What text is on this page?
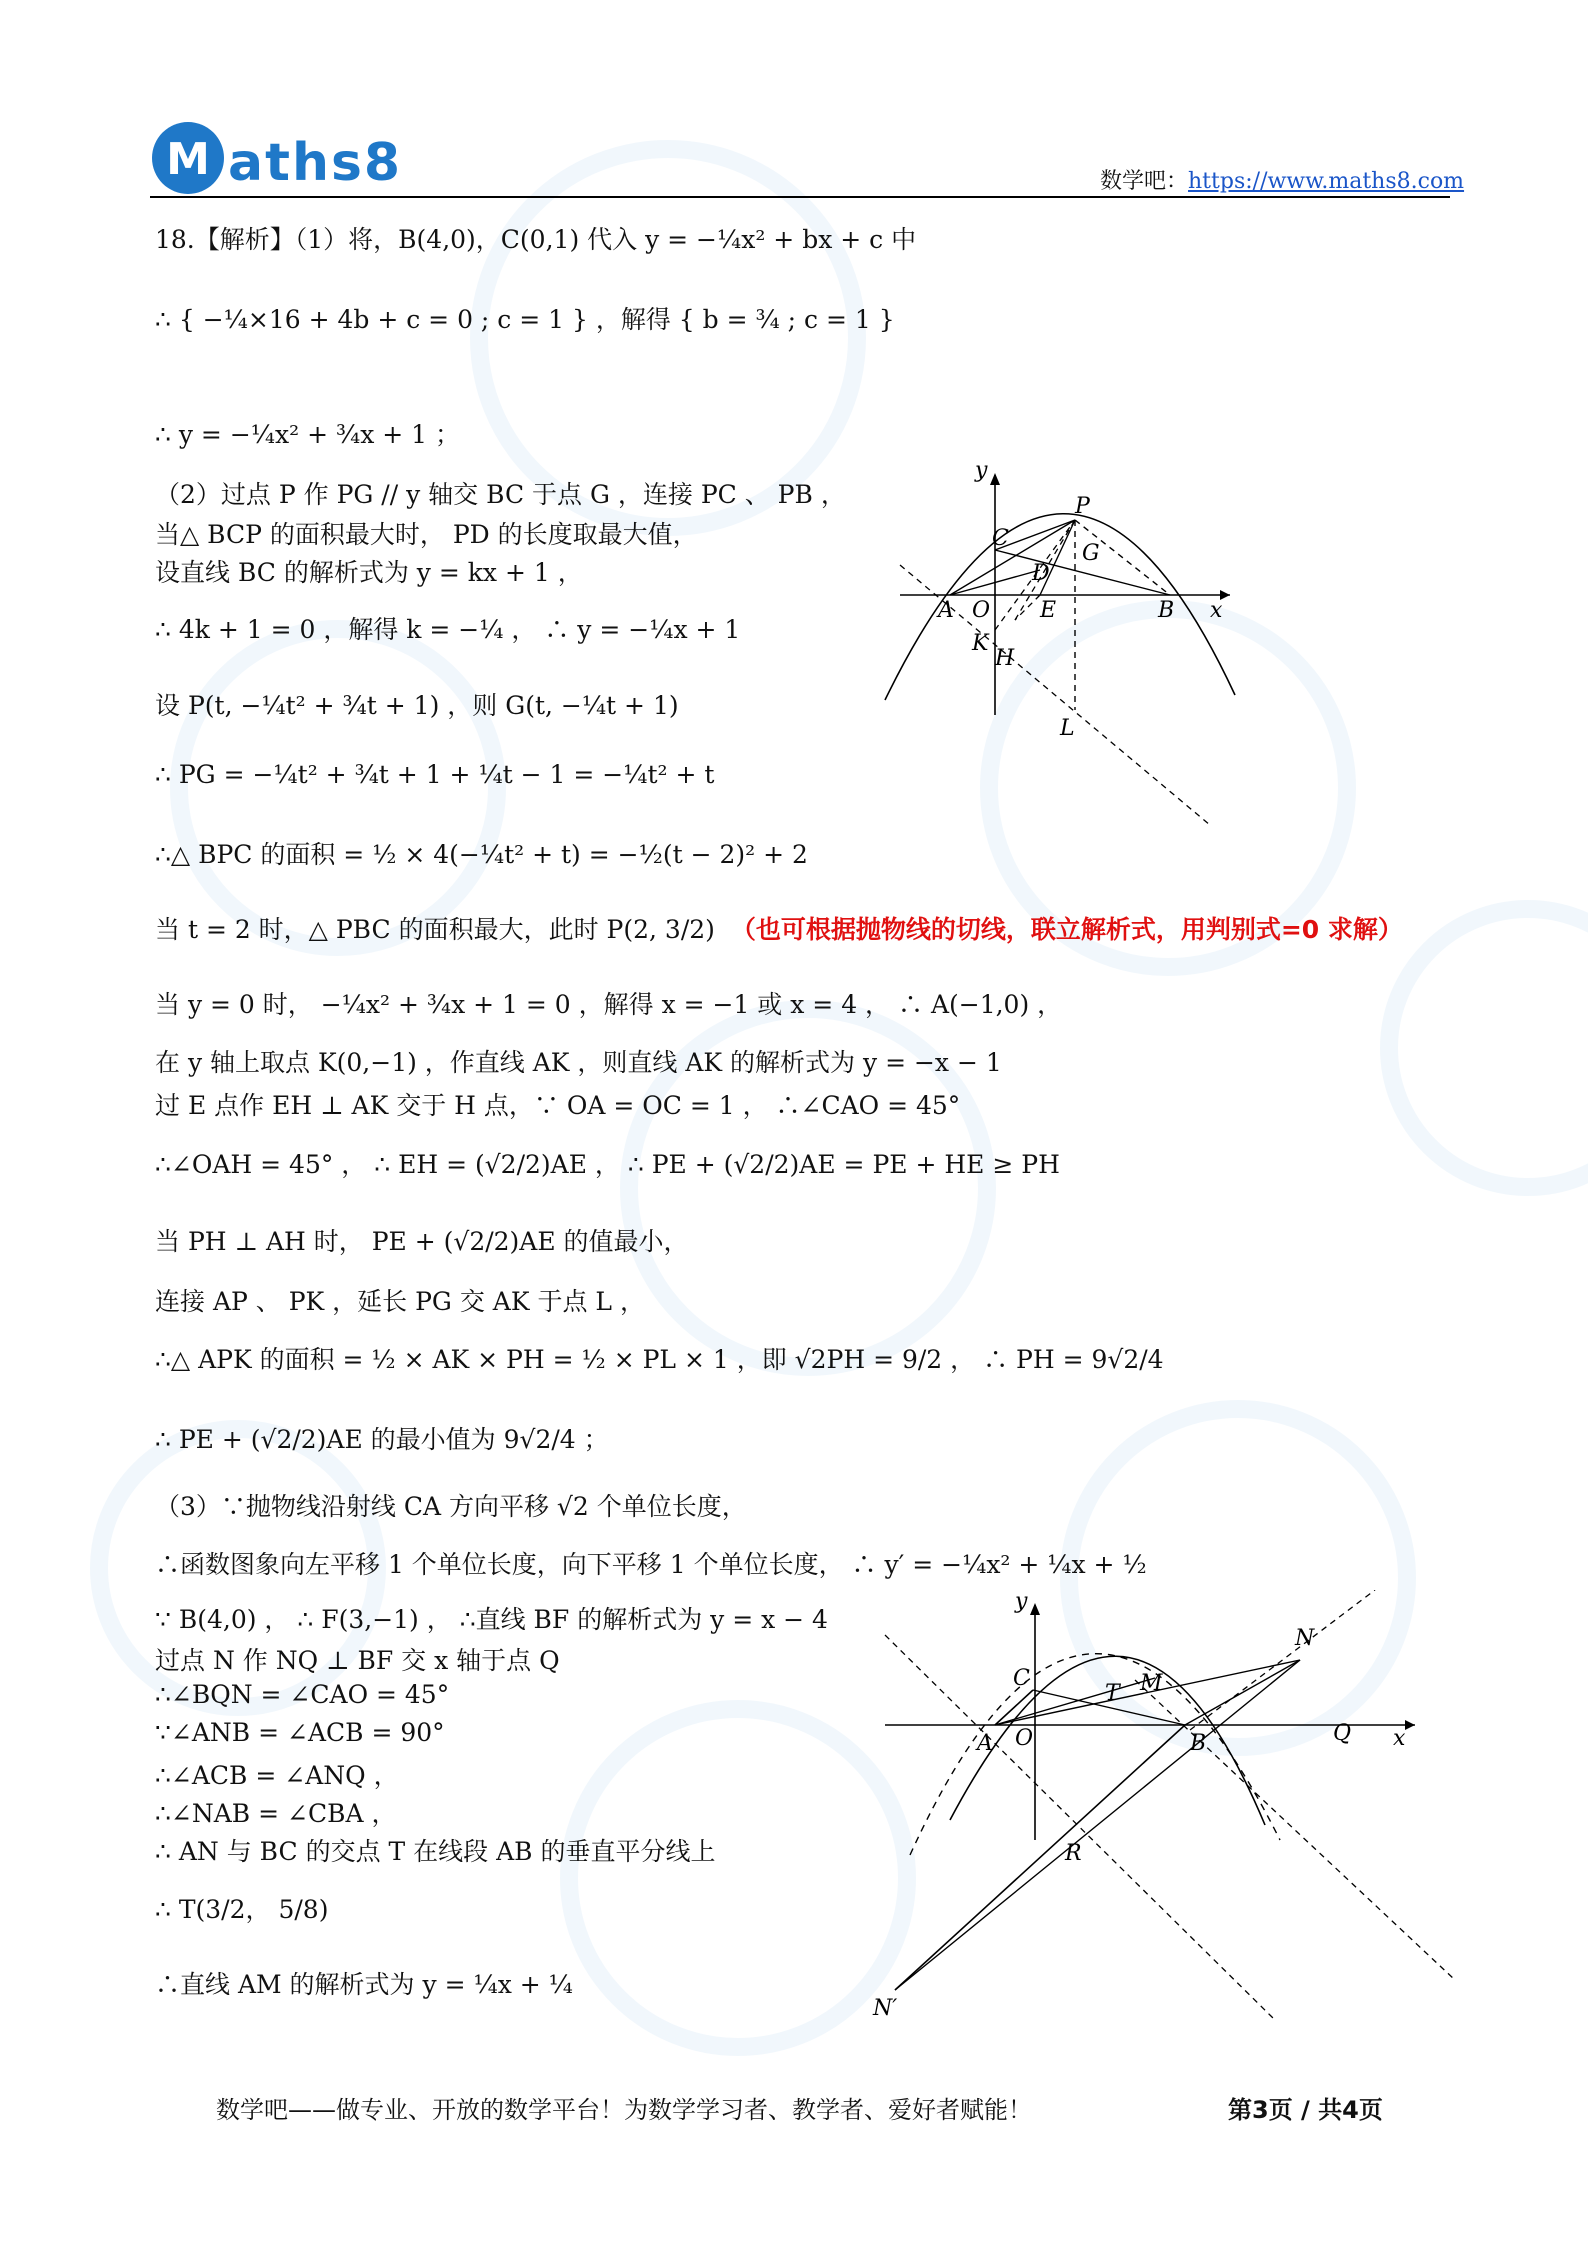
M aths8	数学吧：https://www.maths8.com
18.【解析】（1）将，B(4,0)，C(0,1) 代入 y = −¼x² + bx + c 中
∴ { −¼×16 + 4b + c = 0 ; c = 1 } ，解得 { b = ¾ ; c = 1 }
∴ y = −¼x² + ¾x + 1 ；
（2）过点 P 作 PG // y 轴交 BC 于点 G ，连接 PC 、 PB ，
当△ BCP 的面积最大时， PD 的长度取最大值，
设直线 BC 的解析式为 y = kx + 1 ，
∴ 4k + 1 = 0 ，解得 k = −¼ ， ∴ y = −¼x + 1
设 P(t, −¼t² + ¾t + 1) ，则 G(t, −¼t + 1)
∴ PG = −¼t² + ¾t + 1 + ¼t − 1 = −¼t² + t
∴△ BPC 的面积 = ½ × 4(−¼t² + t) = −½(t − 2)² + 2
当 t = 2 时，△ PBC 的面积最大，此时 P(2, 3/2) （也可根据抛物线的切线，联立解析式，用判别式=0 求解）
当 y = 0 时， −¼x² + ¾x + 1 = 0 ，解得 x = −1 或 x = 4 ， ∴ A(−1,0) ，
在 y 轴上取点 K(0,−1) ，作直线 AK ，则直线 AK 的解析式为 y = −x − 1
过 E 点作 EH ⊥ AK 交于 H 点，∵ OA = OC = 1 ， ∴∠CAO = 45°
∴∠OAH = 45° ， ∴ EH = (√2/2)AE ， ∴ PE + (√2/2)AE = PE + HE ≥ PH
当 PH ⊥ AH 时， PE + (√2/2)AE 的值最小，
连接 AP 、 PK ，延长 PG 交 AK 于点 L ，
∴△ APK 的面积 = ½ × AK × PH = ½ × PL × 1 ，即 √2PH = 9/2 ， ∴ PH = 9√2/4
∴ PE + (√2/2)AE 的最小值为 9√2/4 ；
（3）∵抛物线沿射线 CA 方向平移 √2 个单位长度，
∴函数图象向左平移 1 个单位长度，向下平移 1 个单位长度， ∴ y′ = −¼x² + ¼x + ½
∵ B(4,0) ， ∴ F(3,−1) ， ∴直线 BF 的解析式为 y = x − 4
过点 N 作 NQ ⊥ BF 交 x 轴于点 Q
∴∠BQN = ∠CAO = 45°
∵∠ANB = ∠ACB = 90°
∴∠ACB = ∠ANQ ，
∴∠NAB = ∠CBA ，
∴ AN 与 BC 的交点 T 在线段 AB 的垂直平分线上
∴ T(3/2， 5/8)
∴直线 AM 的解析式为 y = ¼x + ¼
y
P
C
G
D
A O E	B x
K
H
L
y
N
C
T M
A O	B	Q x
R
N′
数学吧——做专业、开放的数学平台！为数学学习者、教学者、爱好者赋能！	第3页 / 共4页
